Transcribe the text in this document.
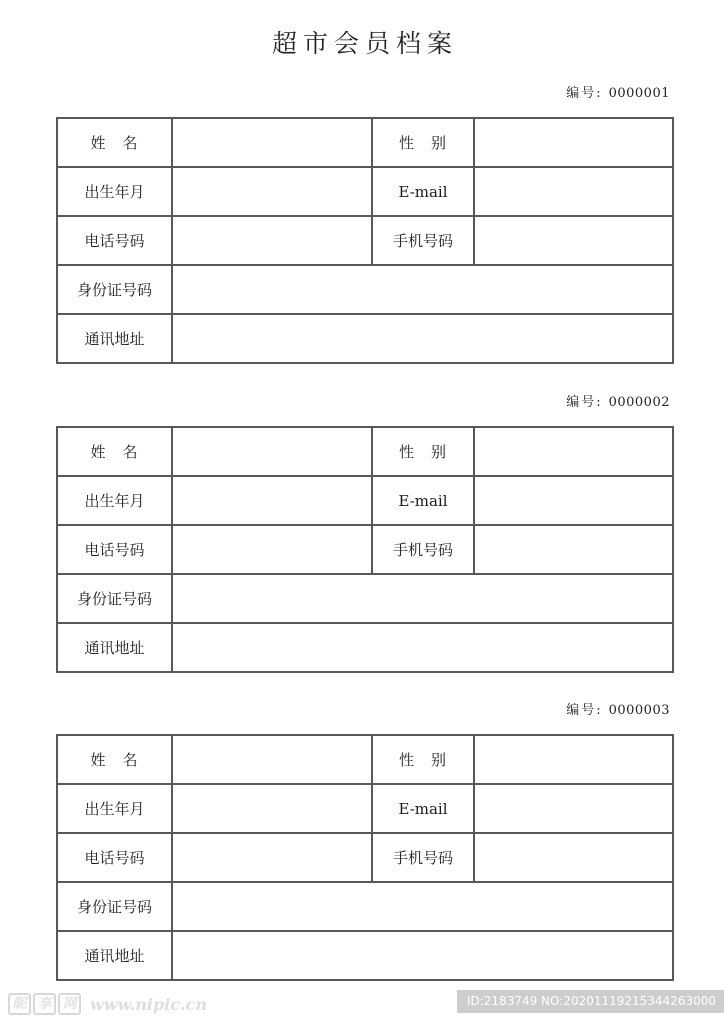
超市会员档案
编号: 0000001
姓　名		性　别	
出生年月		E-mail	
电话号码		手机号码	
身份证号码			
通讯地址			
编号: 0000002
姓　名		性　别	
出生年月		E-mail	
电话号码		手机号码	
身份证号码			
通讯地址			
编号: 0000003
姓　名		性　别	
出生年月		E-mail	
电话号码		手机号码	
身份证号码			
通讯地址			
昵 享 网 www.nipic.cn	ID:2183749 NO:20201119215344263000
